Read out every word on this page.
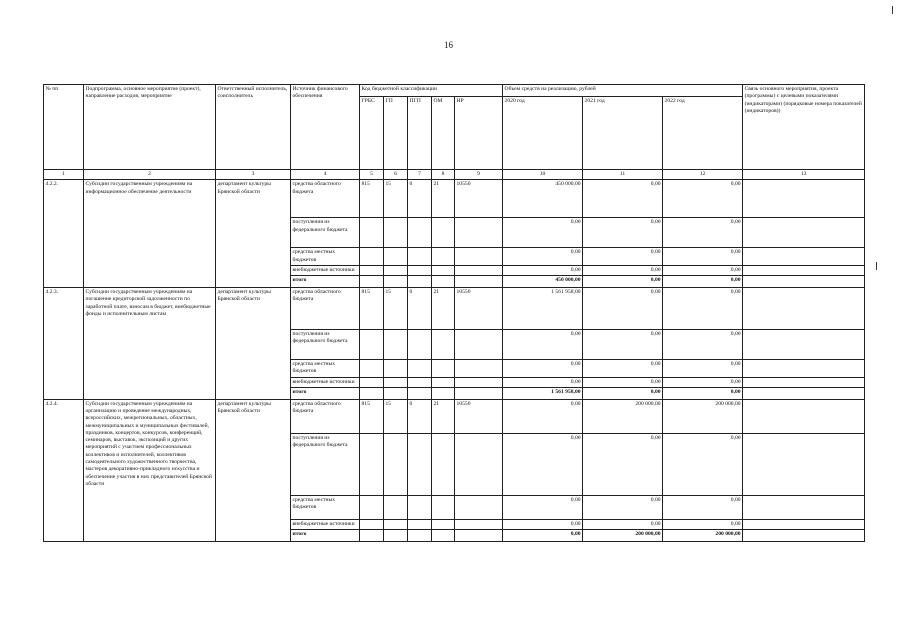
16
№ пп	Подпрограмма, основное мероприятие (проект), направление расходов, мероприятие	Ответственный исполнитель, соисполнитель	Источник финансового обеспечения	Код бюджетной классификации					Объем средств на реализацию, рублей			Связь основного мероприятия, проекта (программы) с целевыми показателями (индикаторами) (порядковые номера показателей (индикаторов))
				ГРБС	ГП	ПГП	ОМ	НР	2020 год	2021 год	2022 год	
1	2	3	4	5	6	7	8	9	10	11	12	13
4.2.2.	Субсидии государственным учреждениям на информационное обеспечение деятельности	департамент культуры Брянской области	средства областного бюджета	815	15	0	21	10550	450 000,00	0,00	0,00	
			поступления из федерального бюджета						0,00	0,00	0,00	
			средства местных бюджетов						0,00	0,00	0,00	
			внебюджетные источники						0,00	0,00	0,00	
			итого						450 000,00	0,00	0,00	
4.2.3.	Субсидии государственным учреждениям на погашение кредиторской задолженности по заработной плате, взносам в бюджет, внебюджетные фонды и исполнительным листам	департамент культуры Брянской области	средства областного бюджета	815	15	0	21	10550	1 561 958,00	0,00	0,00	
			поступления из федерального бюджета						0,00	0,00	0,00	
			средства местных бюджетов						0,00	0,00	0,00	
			внебюджетные источники						0,00	0,00	0,00	
			итого						1 561 958,00	0,00	0,00	
4.2.4.	Субсидии государственным учреждениям на организацию и проведение международных, всероссийских, межрегиональных, областных, межмуниципальных и муниципальных фестивалей, праздников, концертов, конкурсов, конференций, семинаров, выставок, экспозиций и других мероприятий с участием профессиональных коллективов и исполнителей, коллективов самодеятельного художественного творчества, мастеров декоративно-прикладного искусства и обеспечение участия в них представителей Брянской области	департамент культуры Брянской области	средства областного бюджета	815	15	0	21	10550	0,00	200 000,00	200 000,00	
			поступления из федерального бюджета						0,00	0,00	0,00	
			средства местных бюджетов						0,00	0,00	0,00	
			внебюджетные источники						0,00	0,00	0,00	
			итого						0,00	200 000,00	200 000,00	
